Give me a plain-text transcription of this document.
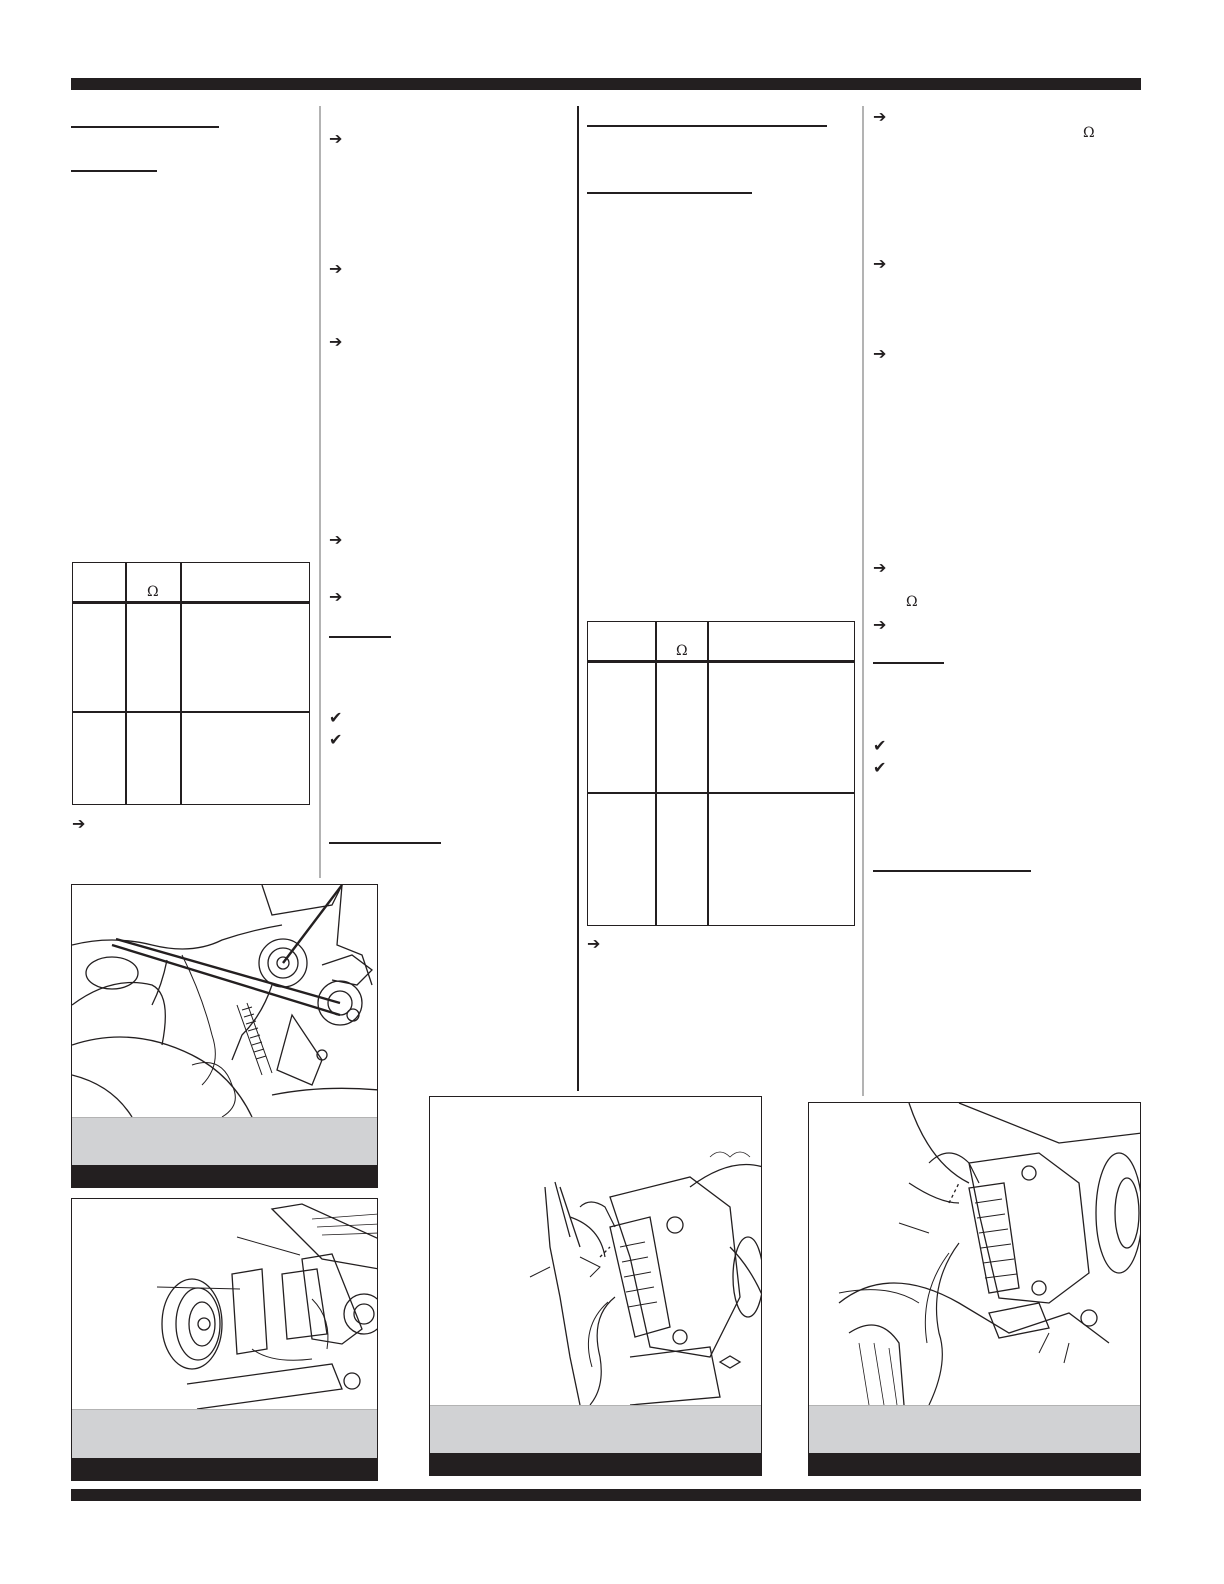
➔
➔
➔
➔
➔
➔
➔
➔
➔
➔
➔
➔
✔
✔	✔
✔
Ω
Ω
Ω
Ω
